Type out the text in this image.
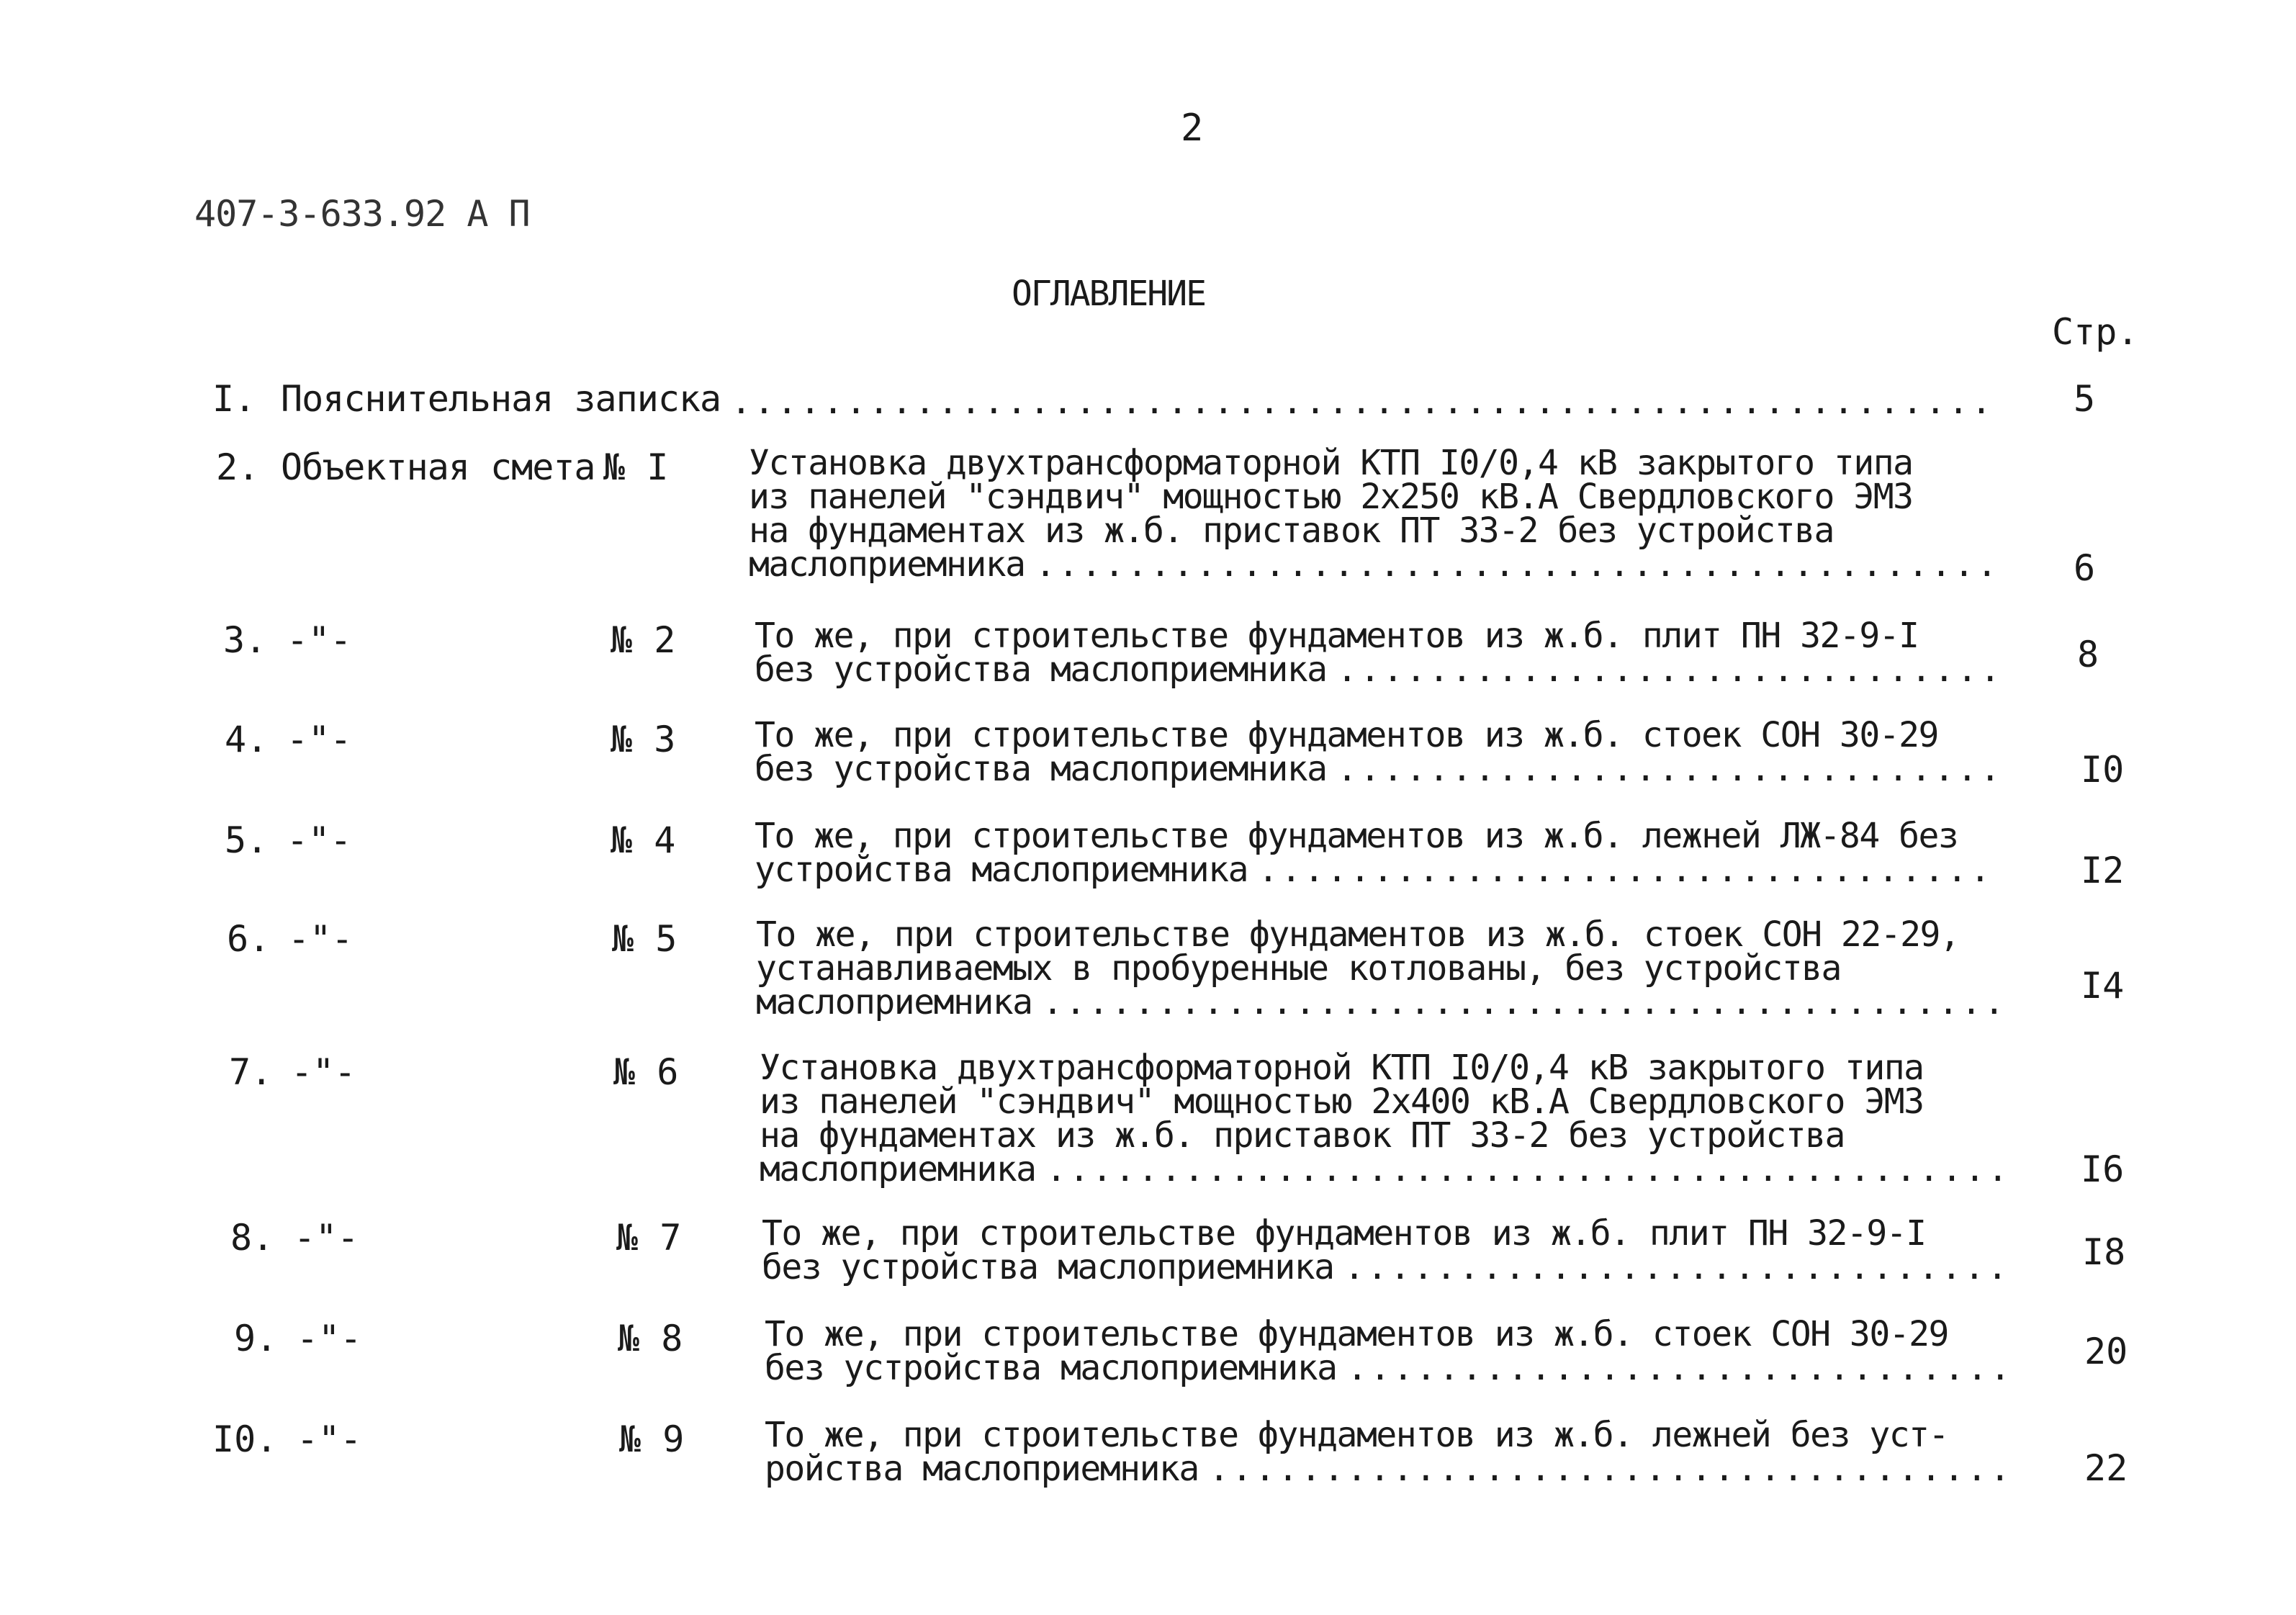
2
407-3-633.92 А П
ОГЛАВЛЕНИЕ
Стр.
I. Пояснительная записка .....	5
2. Объектная смета № I Установка двухтрансформаторной КТП I0/0,4 кВ закрытого типа
из панелей "сэндвич" мощностью 2х250 кВ.А Свердловского ЭМЗ
на фундаментах из ж.б. приставок ПТ 33-2 без устройства
маслоприемника .....	6
3. -"-	№ 2 То же, при строительстве фундаментов из ж.б. плит ПН 32-9-I
без устройства маслоприемника .....	8
4. -"-	№ 3 То же, при строительстве фундаментов из ж.б. стоек СОН 30-29
без устройства маслоприемника .....	I0
5. -"-	№ 4 То же, при строительстве фундаментов из ж.б. лежней ЛЖ-84 без
устройства маслоприемника .....	I2
6. -"-	№ 5 То же, при строительстве фундаментов из ж.б. стоек СОН 22-29,
устанавливаемых в пробуренные котлованы, без устройства
маслоприемника .....	I4
7. -"-	№ 6 Установка двухтрансформаторной КТП I0/0,4 кВ закрытого типа
из панелей "сэндвич" мощностью 2х400 кВ.А Свердловского ЭМЗ
на фундаментах из ж.б. приставок ПТ 33-2 без устройства
маслоприемника .....	I6
8. -"-	№ 7 То же, при строительстве фундаментов из ж.б. плит ПН 32-9-I
без устройства маслоприемника .....	I8
9. -"-	№ 8 То же, при строительстве фундаментов из ж.б. стоек СОН 30-29
без устройства маслоприемника .....	20
I0. -"-	№ 9 То же, при строительстве фундаментов из ж.б. лежней без уст-
ройства маслоприемника .....	22
